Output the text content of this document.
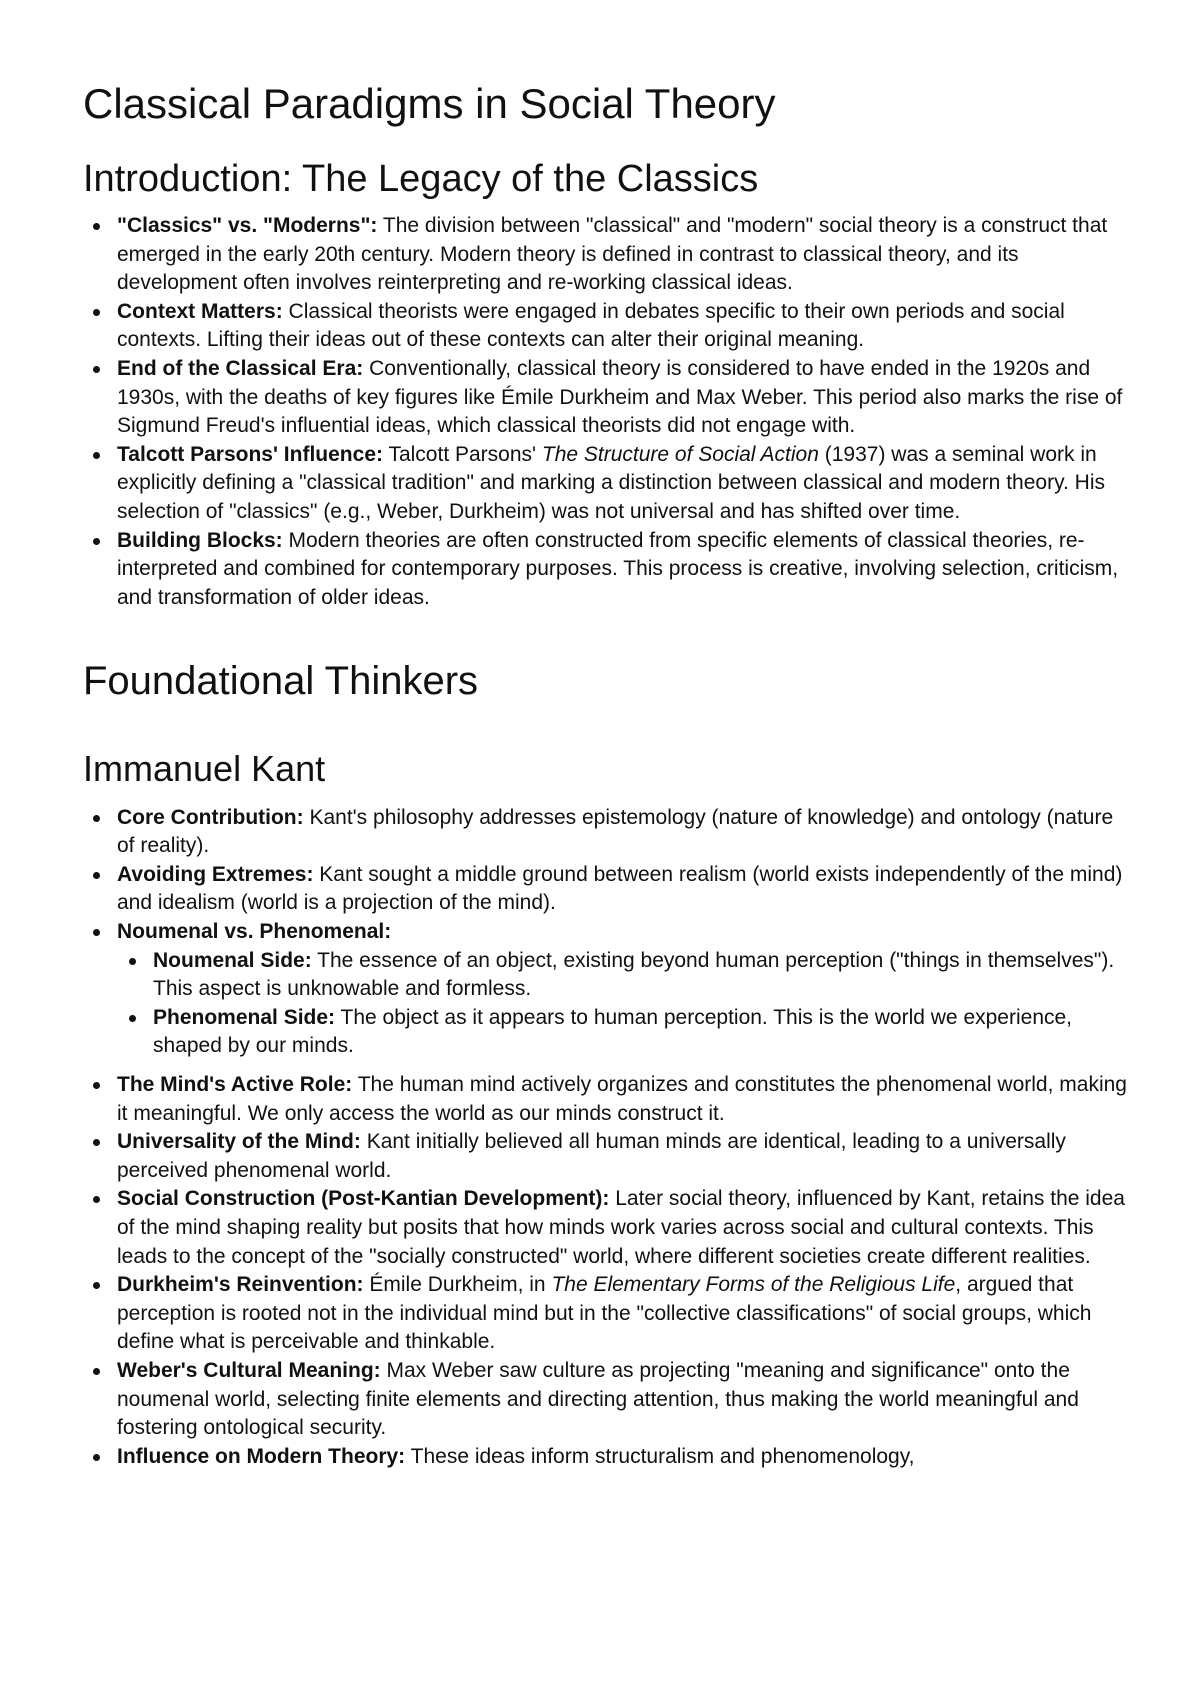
Classical Paradigms in Social Theory
Introduction: The Legacy of the Classics
"Classics" vs. "Moderns": The division between "classical" and "modern" social theory is a construct that emerged in the early 20th century. Modern theory is defined in contrast to classical theory, and its development often involves reinterpreting and re-working classical ideas.
Context Matters: Classical theorists were engaged in debates specific to their own periods and social contexts. Lifting their ideas out of these contexts can alter their original meaning.
End of the Classical Era: Conventionally, classical theory is considered to have ended in the 1920s and 1930s, with the deaths of key figures like Émile Durkheim and Max Weber. This period also marks the rise of Sigmund Freud's influential ideas, which classical theorists did not engage with.
Talcott Parsons' Influence: Talcott Parsons' The Structure of Social Action (1937) was a seminal work in explicitly defining a "classical tradition" and marking a distinction between classical and modern theory. His selection of "classics" (e.g., Weber, Durkheim) was not universal and has shifted over time.
Building Blocks: Modern theories are often constructed from specific elements of classical theories, re-interpreted and combined for contemporary purposes. This process is creative, involving selection, criticism, and transformation of older ideas.
Foundational Thinkers
Immanuel Kant
Core Contribution: Kant's philosophy addresses epistemology (nature of knowledge) and ontology (nature of reality).
Avoiding Extremes: Kant sought a middle ground between realism (world exists independently of the mind) and idealism (world is a projection of the mind).
Noumenal vs. Phenomenal:
Noumenal Side: The essence of an object, existing beyond human perception ("things in themselves"). This aspect is unknowable and formless.
Phenomenal Side: The object as it appears to human perception. This is the world we experience, shaped by our minds.
The Mind's Active Role: The human mind actively organizes and constitutes the phenomenal world, making it meaningful. We only access the world as our minds construct it.
Universality of the Mind: Kant initially believed all human minds are identical, leading to a universally perceived phenomenal world.
Social Construction (Post-Kantian Development): Later social theory, influenced by Kant, retains the idea of the mind shaping reality but posits that how minds work varies across social and cultural contexts. This leads to the concept of the "socially constructed" world, where different societies create different realities.
Durkheim's Reinvention: Émile Durkheim, in The Elementary Forms of the Religious Life, argued that perception is rooted not in the individual mind but in the "collective classifications" of social groups, which define what is perceivable and thinkable.
Weber's Cultural Meaning: Max Weber saw culture as projecting "meaning and significance" onto the noumenal world, selecting finite elements and directing attention, thus making the world meaningful and fostering ontological security.
Influence on Modern Theory: These ideas inform structuralism and phenomenology,
